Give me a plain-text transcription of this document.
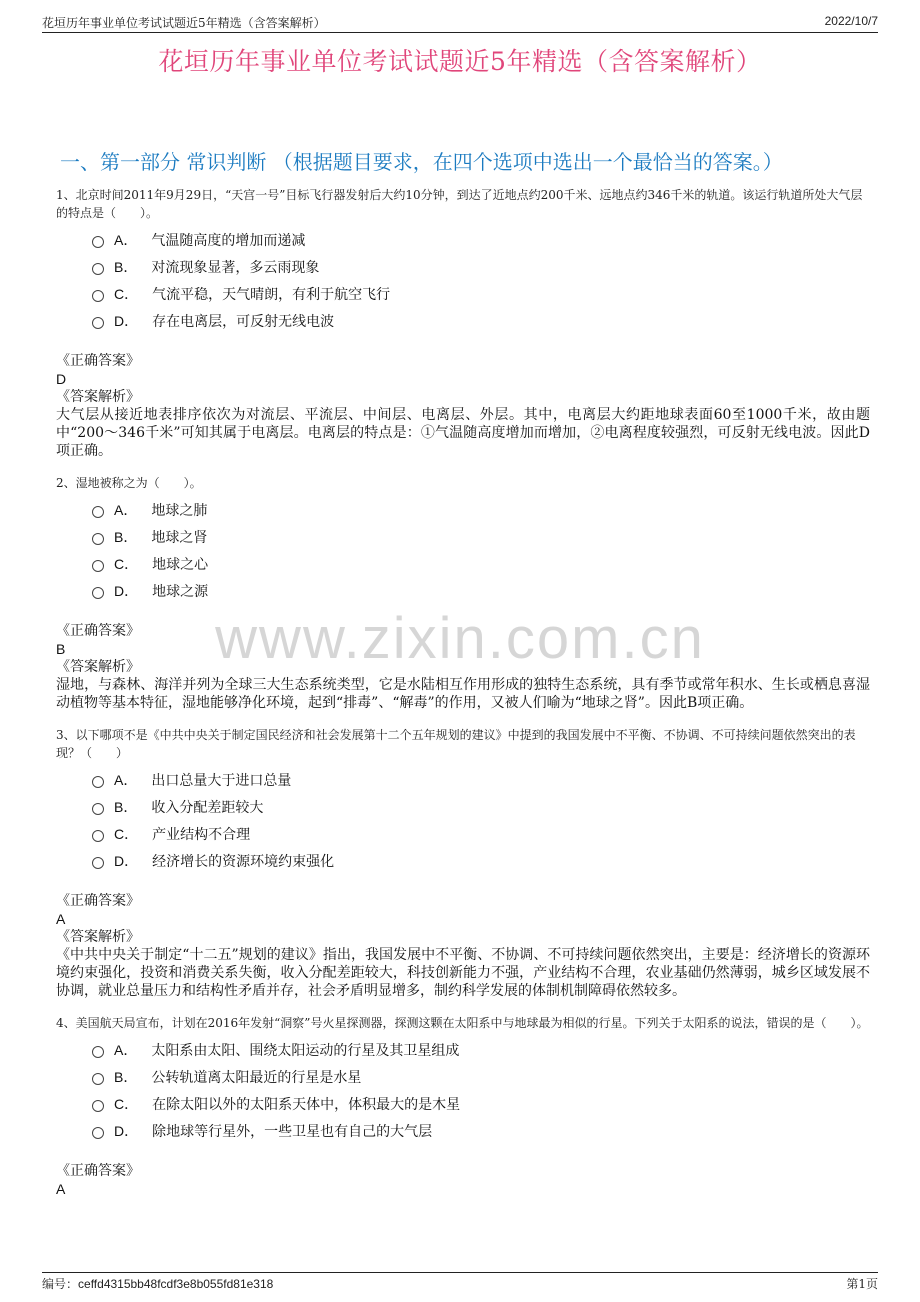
花垣历年事业单位考试试题近5年精选（含答案解析）	2022/10/7
花垣历年事业单位考试试题近5年精选（含答案解析）
一、第一部分 常识判断 （根据题目要求，在四个选项中选出一个最恰当的答案。）
www.zixin.com.cn

1、北京时间2011年9月29日，“天宫一号”目标飞行器发射后大约10分钟，到达了近地点约200千米、远地点约346千米的轨道。该运行轨道所处大气层的特点是（　　）。

A． 气温随高度的增加而递减
B． 对流现象显著，多云雨现象
C． 气流平稳，天气晴朗，有利于航空飞行
D． 存在电离层，可反射无线电波
《正确答案》
D
《答案解析》
大气层从接近地表排序依次为对流层、平流层、中间层、电离层、外层。其中，电离层大约距地球表面60至1000千米，故由题中“200～346千米”可知其属于电离层。电离层的特点是：①气温随高度增加而增加，②电离程度较强烈，可反射无线电波。因此D项正确。

2、湿地被称之为（　　）。

A． 地球之肺
B． 地球之肾
C． 地球之心
D． 地球之源
《正确答案》
B
《答案解析》
湿地，与森林、海洋并列为全球三大生态系统类型，它是水陆相互作用形成的独特生态系统，具有季节或常年积水、生长或栖息喜湿动植物等基本特征，湿地能够净化环境，起到“排毒”、“解毒”的作用，又被人们喻为“地球之肾”。因此B项正确。

3、以下哪项不是《中共中央关于制定国民经济和社会发展第十二个五年规划的建议》中提到的我国发展中不平衡、不协调、不可持续问题依然突出的表现？（　　）

A． 出口总量大于进口总量
B． 收入分配差距较大
C． 产业结构不合理
D． 经济增长的资源环境约束强化
《正确答案》
A
《答案解析》
《中共中央关于制定“十二五”规划的建议》指出，我国发展中不平衡、不协调、不可持续问题依然突出，主要是：经济增长的资源环境约束强化，投资和消费关系失衡，收入分配差距较大，科技创新能力不强，产业结构不合理，农业基础仍然薄弱，城乡区域发展不协调，就业总量压力和结构性矛盾并存，社会矛盾明显增多，制约科学发展的体制机制障碍依然较多。

4、美国航天局宣布，计划在2016年发射“洞察”号火星探测器，探测这颗在太阳系中与地球最为相似的行星。下列关于太阳系的说法，错误的是（　　）。

A． 太阳系由太阳、围绕太阳运动的行星及其卫星组成
B． 公转轨道离太阳最近的行星是水星
C． 在除太阳以外的太阳系天体中，体积最大的是木星
D． 除地球等行星外，一些卫星也有自己的大气层
《正确答案》
A
编号：ceffd4315bb48fcdf3e8b055fd81e318	第1页
